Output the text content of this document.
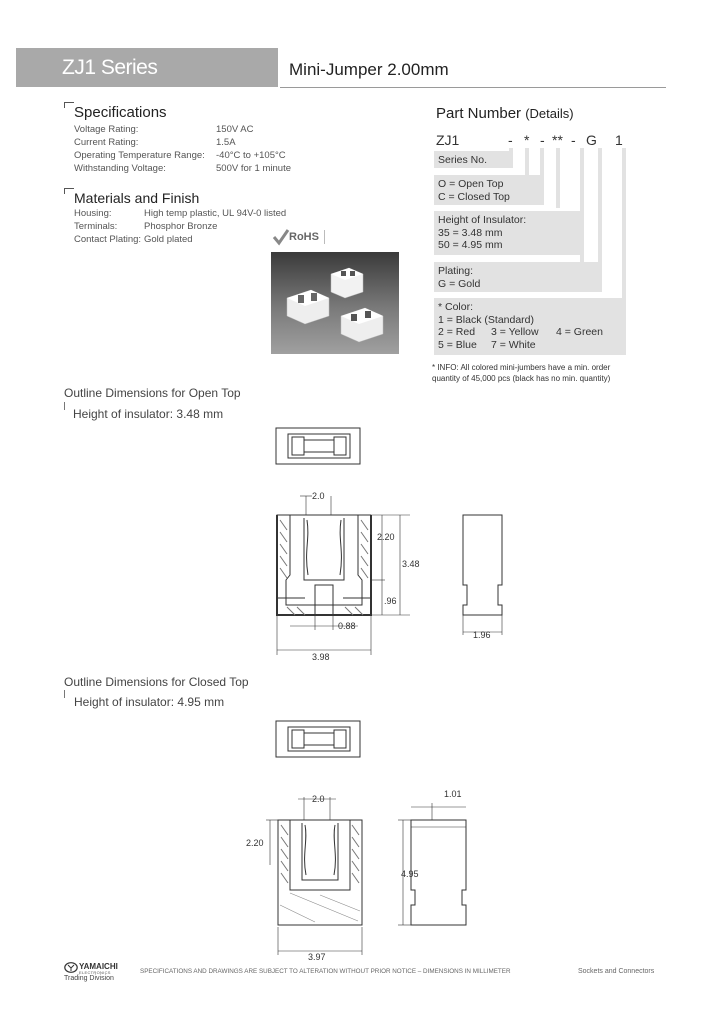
ZJ1 Series	Mini-Jumper 2.00mm
Specifications
Voltage Rating:	150V AC
Current Rating:	1.5A
Operating Temperature Range: -40°C to +105°C
Withstanding Voltage:	500V for 1 minute
Materials and Finish
Housing:	High temp plastic, UL 94V-0 listed
Terminals:	Phosphor Bronze
Contact Plating: Gold plated	RoHS
Part Number (Details)
ZJ1	- * - ** - G 1
Series No.
O = Open Top
C = Closed Top
Height of Insulator:
35 = 3.48 mm
50 = 4.95 mm
Plating:
G = Gold
* Color:
1 = Black (Standard)
2 = Red 3 = Yellow 4 = Green
5 = Blue 7 = White
* INFO: All colored mini-jumbers have a min. order quantity of 45,000 pcs (black has no min. quantity)
Outline Dimensions for Open Top
Height of insulator: 3.48 mm
2.0
2.20
3.48
.96
0.88
3.98
1.96
Outline Dimensions for Closed Top
Height of insulator: 4.95 mm
2.0
2.20
3.97
1.01
4.95
YAMAICHI
ELECTRONICS
Trading Division
SPECIFICATIONS AND DRAWINGS ARE SUBJECT TO ALTERATION WITHOUT PRIOR NOTICE – DIMENSIONS IN MILLIMETER	Sockets and Connectors
